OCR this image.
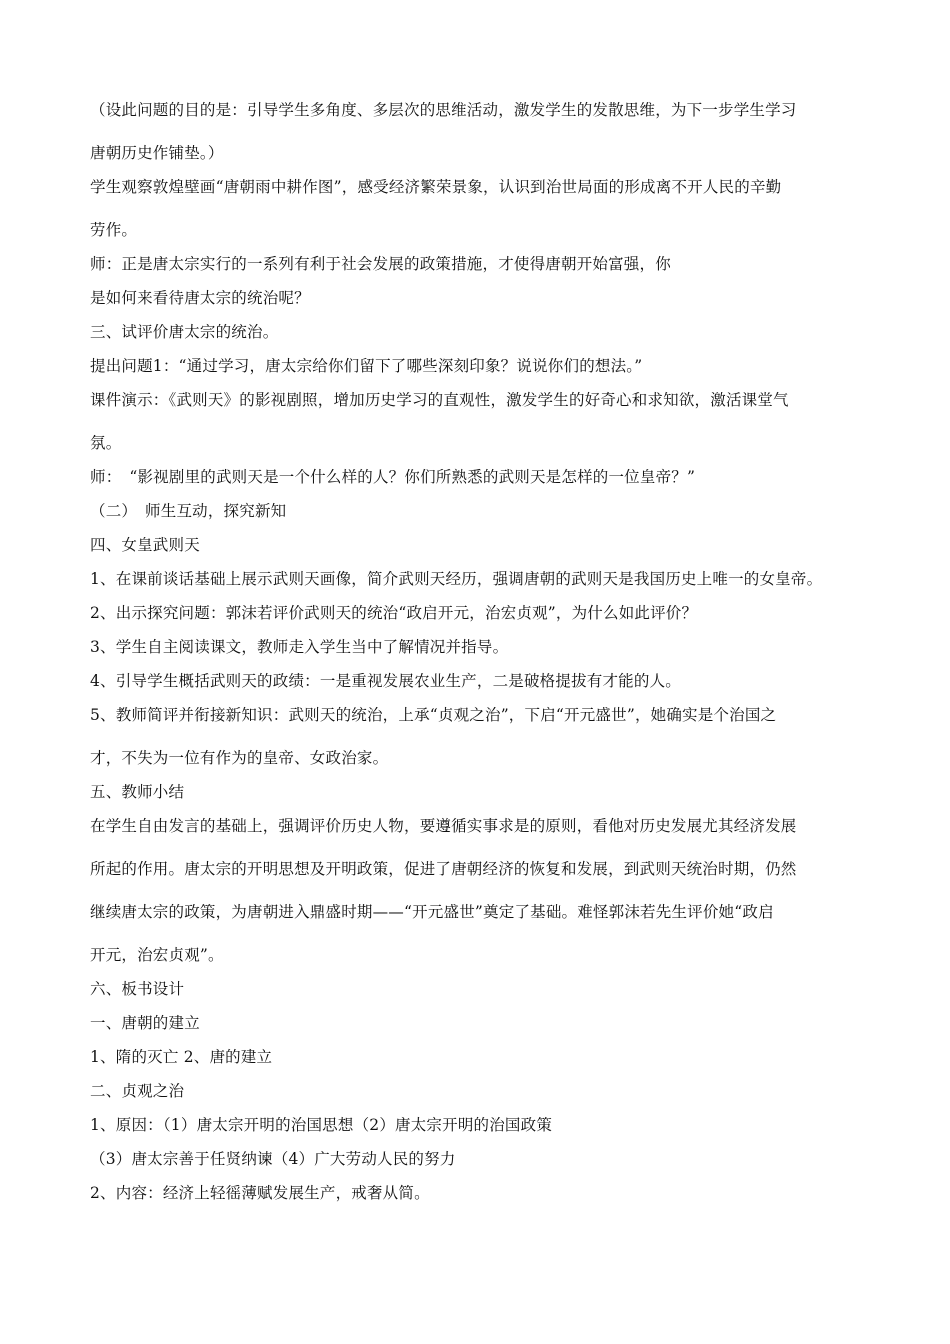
（设此问题的目的是：引导学生多角度、多层次的思维活动，激发学生的发散思维，为下一步学生学习
唐朝历史作铺垫。）
学生观察敦煌壁画“唐朝雨中耕作图”，感受经济繁荣景象，认识到治世局面的形成离不开人民的辛勤
劳作。
师：正是唐太宗实行的一系列有利于社会发展的政策措施，才使得唐朝开始富强，你
是如何来看待唐太宗的统治呢？
三、试评价唐太宗的统治。
提出问题1：“通过学习，唐太宗给你们留下了哪些深刻印象？说说你们的想法。”
课件演示：《武则天》的影视剧照，增加历史学习的直观性，激发学生的好奇心和求知欲，激活课堂气
氛。
师：　“影视剧里的武则天是一个什么样的人？你们所熟悉的武则天是怎样的一位皇帝？”
（二）　师生互动，探究新知
四、女皇武则天
1、在课前谈话基础上展示武则天画像，简介武则天经历，强调唐朝的武则天是我国历史上唯一的女皇帝。
2、出示探究问题：郭沫若评价武则天的统治“政启开元，治宏贞观”，为什么如此评价？
3、学生自主阅读课文，教师走入学生当中了解情况并指导。
4、引导学生概括武则天的政绩：一是重视发展农业生产，二是破格提拔有才能的人。
5、教师简评并衔接新知识：武则天的统治，上承“贞观之治”，下启“开元盛世”，她确实是个治国之
才，不失为一位有作为的皇帝、女政治家。
五、教师小结
在学生自由发言的基础上，强调评价历史人物，要遵循实事求是的原则，看他对历史发展尤其经济发展
所起的作用。唐太宗的开明思想及开明政策，促进了唐朝经济的恢复和发展，到武则天统治时期，仍然
继续唐太宗的政策，为唐朝进入鼎盛时期——“开元盛世”奠定了基础。难怪郭沫若先生评价她“政启
开元，治宏贞观”。
六、板书设计
一、唐朝的建立
1、隋的灭亡 2、唐的建立
二、贞观之治
1、原因：（1）唐太宗开明的治国思想（2）唐太宗开明的治国政策
（3）唐太宗善于任贤纳谏（4）广大劳动人民的努力
2、内容：经济上轻徭薄赋发展生产，戒奢从简。
